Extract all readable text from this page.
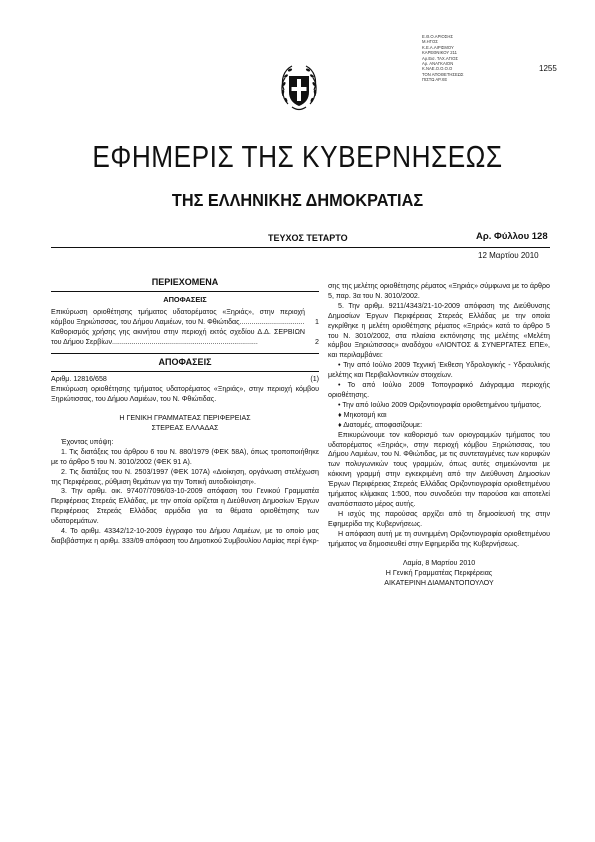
Ε.Θ.Ο.ΑΡΙΟΣΗΣ
Μ.ΗΓΟΣ
Κ.Ε.Α.ΑΙΡΙΣΜΟΥ
ΚΑΡΕΘΝΙΚΟΥ 211
Αρ.Εισ. ΤΑΧ.ΑΓΙΟΣ
Αρ. ΑΝΑΓΚΑΙΟΝ
Κ.ΝΑΕ.Ο.Ο.Ο.Ο
ΤΟΝ ΑΠΟΘΕΤΗΣΕΩΣ
ΠΙΣΤΩ ΑΡ.ΧΕ
1255
ΕΦΗΜΕΡΙΣ ΤΗΣ ΚΥΒΕΡΝΗΣΕΩΣ
ΤΗΣ ΕΛΛΗΝΙΚΗΣ ΔΗΜΟΚΡΑΤΙΑΣ
ΤΕΥΧΟΣ ΤΕΤΑΡΤΟ	Αρ. Φύλλου 128
12 Μαρτίου 2010
ΠΕΡΙΕΧΟΜΕΝΑ
ΑΠΟΦΑΣΕΙΣ
Επικύρωση οριοθέτησης τμήματος υδατορέματος «Ξηριάς», στην περιοχή κόμβου Ξηριώτισσας, του Δήμου Λαμιέων, του Ν. Φθιώτιδας.................................	1
Καθορισμός χρήσης γης ακινήτου στην περιοχή εκτός σχεδίου Δ.Δ. ΣΕΡΒΙΩΝ του Δήμου Σερβίων..........................................................................	2
ΑΠΟΦΑΣΕΙΣ
Αριθμ. 12816/658	(1)

Επικύρωση οριοθέτησης τμήματος υδατορέματος «Ξηριάς», στην περιοχή κόμβου Ξηριώτισσας, του Δήμου Λαμιέων, του Ν. Φθιώτιδας.

Η ΓΕΝΙΚΗ ΓΡΑΜΜΑΤΕΑΣ ΠΕΡΙΦΕΡΕΙΑΣ
ΣΤΕΡΕΑΣ ΕΛΛΑΔΑΣ

Έχοντας υπόψη:

1. Τις διατάξεις του άρθρου 6 του Ν. 880/1979 (ΦΕΚ 58Α), όπως τροποποιήθηκε με το άρθρο 5 του Ν. 3010/2002 (ΦΕΚ 91 Α).

2. Τις διατάξεις του Ν. 2503/1997 (ΦΕΚ 107Α) «Διοίκηση, οργάνωση στελέχωση της Περιφέρειας, ρύθμιση θεμάτων για την Τοπική αυτοδιοίκηση».

3. Την αριθμ. οικ. 97407/7096/03-10-2009 απόφαση του Γενικού Γραμματέα Περιφέρειας Στερεάς Ελλάδας, με την οποία ορίζεται η Διεύθυνση Δημοσίων Έργων Περιφέρειας Στερεάς Ελλάδας αρμόδια για τα θέματα οριοθέτησης των υδατορεμάτων.

4. Το αριθμ. 43342/12-10-2009 έγγραφο του Δήμου Λαμιέων, με το οποίο μας διαβιβάστηκε η αριθμ. 333/09 απόφαση του Δημοτικού Συμβουλίου Λαμίας περί έγκρ-

σης της μελέτης οριοθέτησης ρέματος «Ξηριάς» σύμφωνα με το άρθρο 5, παρ. 3α του Ν. 3010/2002.

5. Την αριθμ. 9211/4343/21-10-2009 απόφαση της Διεύθυνσης Δημοσίων Έργων Περιφέρειας Στερεάς Ελλάδας με την οποία εγκρίθηκε η μελέτη οριοθέτησης ρέματος «Ξηριάς» κατά το άρθρο 5 του Ν. 3010/2002, στα πλαίσια εκπόνησης της μελέτης «Μελέτη κόμβου Ξηριώτισσας» αναδόχου «ΛΙΟΝΤΟΣ & ΣΥΝΕΡΓΑΤΕΣ ΕΠΕ», και περιλαμβάνει:

• Την από Ιούλιο 2009 Τεχνική Έκθεση Υδρολογικής - Υδραυλικής μελέτης και Περιβαλλοντικών στοιχείων.

• Το από Ιούλιο 2009 Τοπογραφικό Διάγραμμα περιοχής οριοθέτησης.

• Την από Ιούλιο 2009 Οριζοντιογραφία οριοθετημένου τμήματος.

♦ Μηκοτομή και

♦ Διατομές, αποφασίζουμε:

Επικυρώνουμε τον καθορισμό των οριογραμμών τμήματος του υδατορέματος «Ξηριάς», στην περιοχή κόμβου Ξηριώτισσας, του Δήμου Λαμιέων, του Ν. Φθιώτιδας, με τις συντεταγμένες των κορυφών των πολυγωνικών τους γραμμών, όπως αυτές σημειώνονται με κόκκινη γραμμή στην εγκεκριμένη από την Διεύθυνση Δημοσίων Έργων Περιφέρειας Στερεάς Ελλάδας Οριζοντιογραφία οριοθετημένου τμήματος κλίμακας 1:500, που συνοδεύει την παρούσα και αποτελεί αναπόσπαστο μέρος αυτής.

Η ισχύς της παρούσας αρχίζει από τη δημοσίευσή της στην Εφημερίδα της Κυβερνήσεως.

Η απόφαση αυτή με τη συνημμένη Οριζοντιογραφία οριοθετημένου τμήματος να δημοσιευθεί στην Εφημερίδα της Κυβερνήσεως.

Λαμία, 8 Μαρτίου 2010
Η Γενική Γραμματέας Περιφέρειας
ΑΙΚΑΤΕΡΙΝΗ ΔΙΑΜΑΝΤΟΠΟΥΛΟΥ
